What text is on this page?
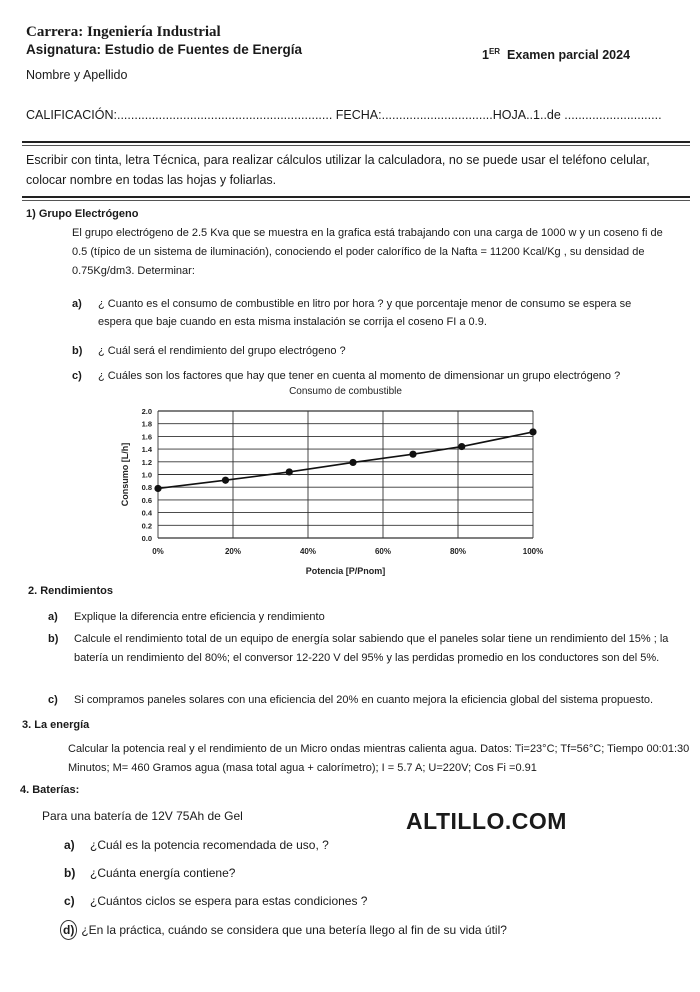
Carrera: Ingeniería Industrial
Asignatura: Estudio de Fuentes de Energía	1ER Examen parcial 2024
Nombre y Apellido
CALIFICACIÓN:.............................................................. FECHA:................................HOJA..1..de ............................
Escribir con tinta, letra Técnica, para realizar cálculos utilizar la calculadora, no se puede usar el teléfono celular, colocar nombre en todas las hojas y foliarlas.
1) Grupo Electrógeno
El grupo electrógeno de 2.5 Kva que se muestra en la grafica está trabajando con una carga de 1000 w y un coseno fi de 0.5 (típico de un sistema de iluminación), conociendo el poder calorífico de la Nafta = 11200 Kcal/Kg , su densidad de 0.75Kg/dm3. Determinar:
a)	¿ Cuanto es el consumo de combustible en litro por hora ? y que porcentaje menor de consumo se espera se espera que baje cuando en esta misma instalación se corrija el coseno FI a 0.9.
b) ¿ Cuál será el rendimiento del grupo electrógeno ?
c) ¿ Cuáles son los factores que hay que tener en cuenta al momento de dimensionar un grupo electrógeno ?
Consumo de combustible
0.0
0.2
0.4
0.6
0.8
1.0
1.2
1.4
1.6
1.8
2.0
0%	20%	40%	60%	80%	100%
Potencia [P/Pnom]
Consumo [L/h]
2. Rendimientos
a) Explique la diferencia entre eficiencia y rendimiento
b)	Calcule el rendimiento total de un equipo de energía solar sabiendo que el paneles solar tiene un rendimiento del 15% ; la batería un rendimiento del 80%; el conversor 12-220 V del 95% y las perdidas promedio en los conductores son del 5%.
c) Si compramos paneles solares con una eficiencia del 20% en cuanto mejora la eficiencia global del sistema propuesto.
3. La energía
Calcular la potencia real y el rendimiento de un Micro ondas mientras calienta agua. Datos: Ti=23°C; Tf=56°C; Tiempo 00:01:30 Minutos; M= 460 Gramos agua (masa total agua + calorímetro); I = 5.7 A; U=220V; Cos Fi =0.91
4. Baterías:
Para una batería de 12V 75Ah de Gel	ALTILLO.COM
a) ¿Cuál es la potencia recomendada de uso, ?
b) ¿Cuánta energía contiene?
c) ¿Cuántos ciclos se espera para estas condiciones ?
d) ¿En la práctica, cuándo se considera que una betería llego al fin de su vida útil?
